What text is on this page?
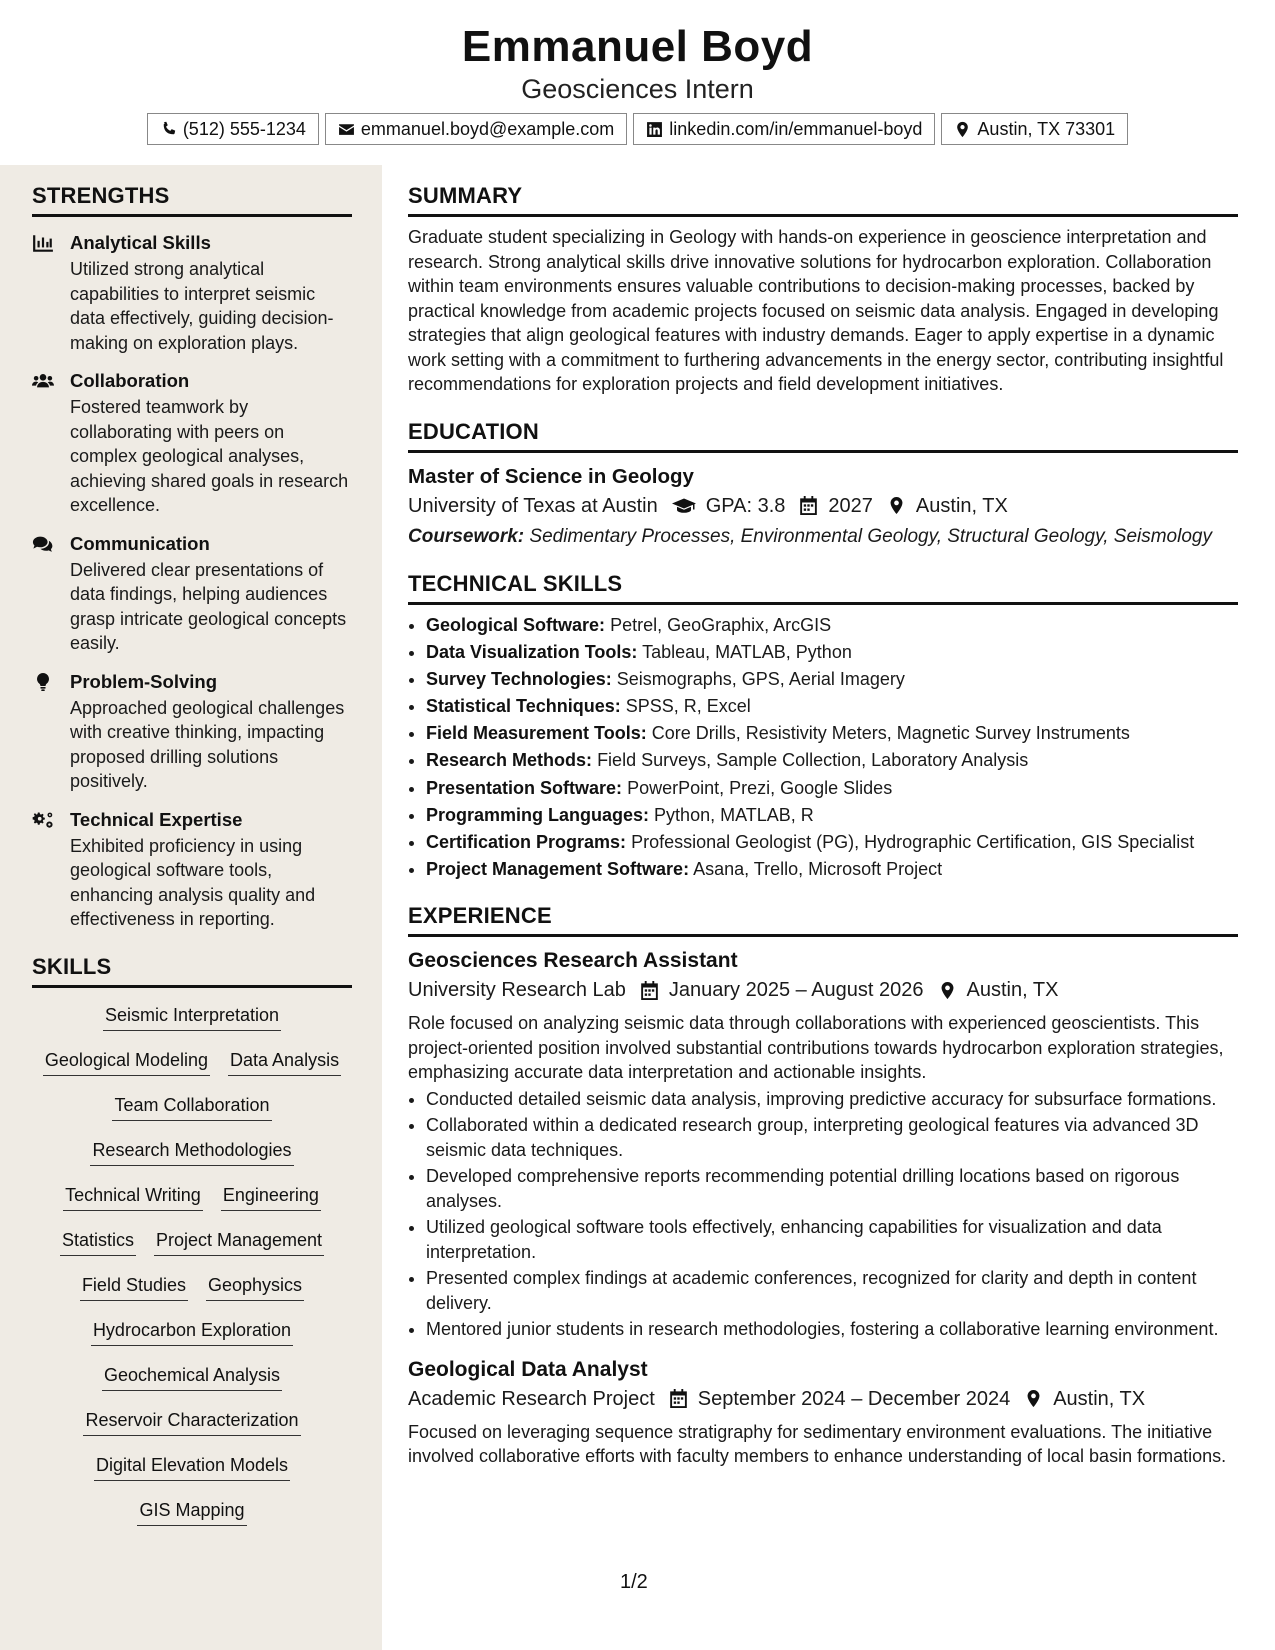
Emmanuel Boyd
Geosciences Intern
(512) 555-1234	emmanuel.boyd@example.com	linkedin.com/in/emmanuel-boyd	Austin, TX 73301
STRENGTHS
Analytical Skills
Utilized strong analytical capabilities to interpret seismic data effectively, guiding decision-making on exploration plays.
Collaboration
Fostered teamwork by collaborating with peers on complex geological analyses, achieving shared goals in research excellence.
Communication
Delivered clear presentations of data findings, helping audiences grasp intricate geological concepts easily.
Problem-Solving
Approached geological challenges with creative thinking, impacting proposed drilling solutions positively.
Technical Expertise
Exhibited proficiency in using geological software tools, enhancing analysis quality and effectiveness in reporting.
SKILLS
Seismic Interpretation
Geological Modeling Data Analysis
Team Collaboration
Research Methodologies
Technical Writing Engineering
Statistics Project Management
Field Studies Geophysics
Hydrocarbon Exploration
Geochemical Analysis
Reservoir Characterization
Digital Elevation Models
GIS Mapping
SUMMARY

Graduate student specializing in Geology with hands-on experience in geoscience interpretation and research. Strong analytical skills drive innovative solutions for hydrocarbon exploration. Collaboration within team environments ensures valuable contributions to decision-making processes, backed by practical knowledge from academic projects focused on seismic data analysis. Engaged in developing strategies that align geological features with industry demands. Eager to apply expertise in a dynamic work setting with a commitment to furthering advancements in the energy sector, contributing insightful recommendations for exploration projects and field development initiatives.

EDUCATION
Master of Science in Geology
University of Texas at Austin GPA: 3.8 2027 Austin, TX
Coursework: Sedimentary Processes, Environmental Geology, Structural Geology, Seismology
TECHNICAL SKILLS
• Geological Software: Petrel, GeoGraphix, ArcGIS
• Data Visualization Tools: Tableau, MATLAB, Python
• Survey Technologies: Seismographs, GPS, Aerial Imagery
• Statistical Techniques: SPSS, R, Excel
• Field Measurement Tools: Core Drills, Resistivity Meters, Magnetic Survey Instruments
• Research Methods: Field Surveys, Sample Collection, Laboratory Analysis
• Presentation Software: PowerPoint, Prezi, Google Slides
• Programming Languages: Python, MATLAB, R
• Certification Programs: Professional Geologist (PG), Hydrographic Certification, GIS Specialist
• Project Management Software: Asana, Trello, Microsoft Project
EXPERIENCE
Geosciences Research Assistant
University Research Lab January 2025 – August 2026 Austin, TX

Role focused on analyzing seismic data through collaborations with experienced geoscientists. This project-oriented position involved substantial contributions towards hydrocarbon exploration strategies, emphasizing accurate data interpretation and actionable insights.

• Conducted detailed seismic data analysis, improving predictive accuracy for subsurface formations.
• Collaborated within a dedicated research group, interpreting geological features via advanced 3D seismic data techniques.
• Developed comprehensive reports recommending potential drilling locations based on rigorous analyses.
• Utilized geological software tools effectively, enhancing capabilities for visualization and data interpretation.
• Presented complex findings at academic conferences, recognized for clarity and depth in content delivery.
• Mentored junior students in research methodologies, fostering a collaborative learning environment.
Geological Data Analyst
Academic Research Project September 2024 – December 2024 Austin, TX

Focused on leveraging sequence stratigraphy for sedimentary environment evaluations. The initiative involved collaborative efforts with faculty members to enhance understanding of local basin formations.

1/2
